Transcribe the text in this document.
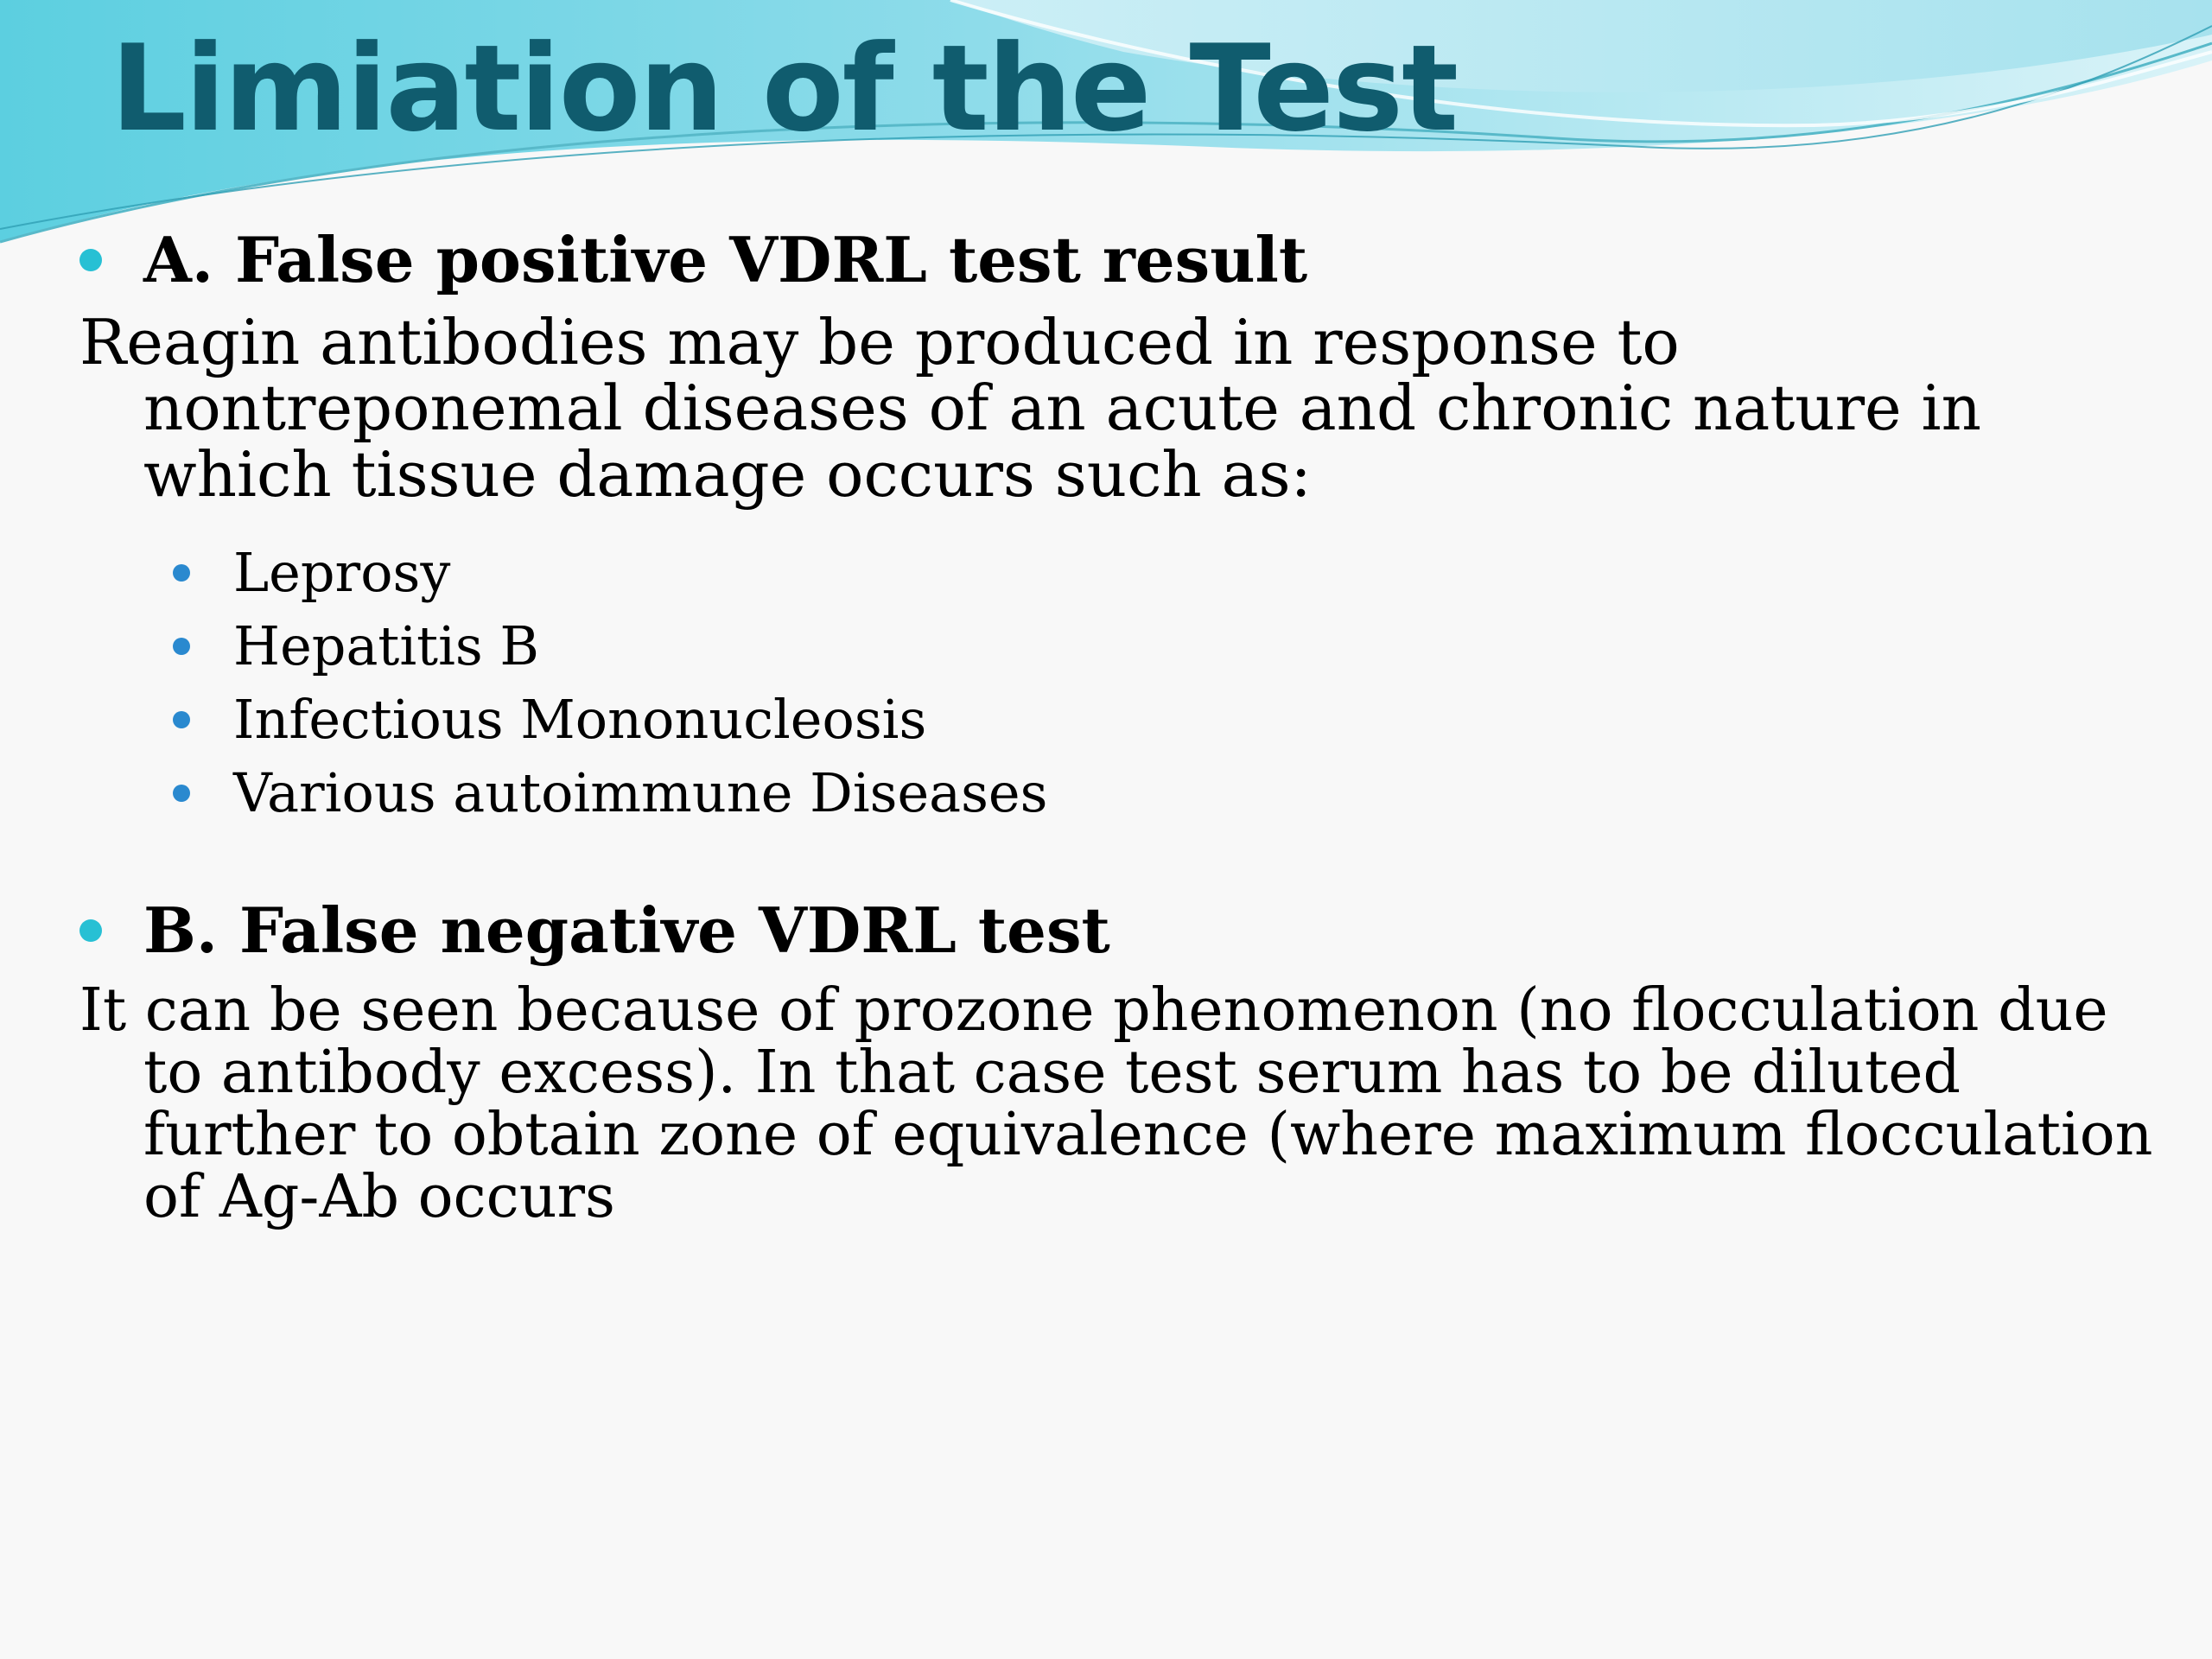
Limiation of the Test
A. False positive VDRL test result

Reagin antibodies may be produced in response to nontreponemal diseases of an acute and chronic nature in which tissue damage occurs such as:

Leprosy
Hepatitis B
Infectious Mononucleosis
Various autoimmune Diseases
B. False negative VDRL test

It can be seen because of prozone phenomenon (no flocculation due to antibody excess). In that case test serum has to be diluted further to obtain zone of equivalence (where maximum flocculation of Ag-Ab occurs
